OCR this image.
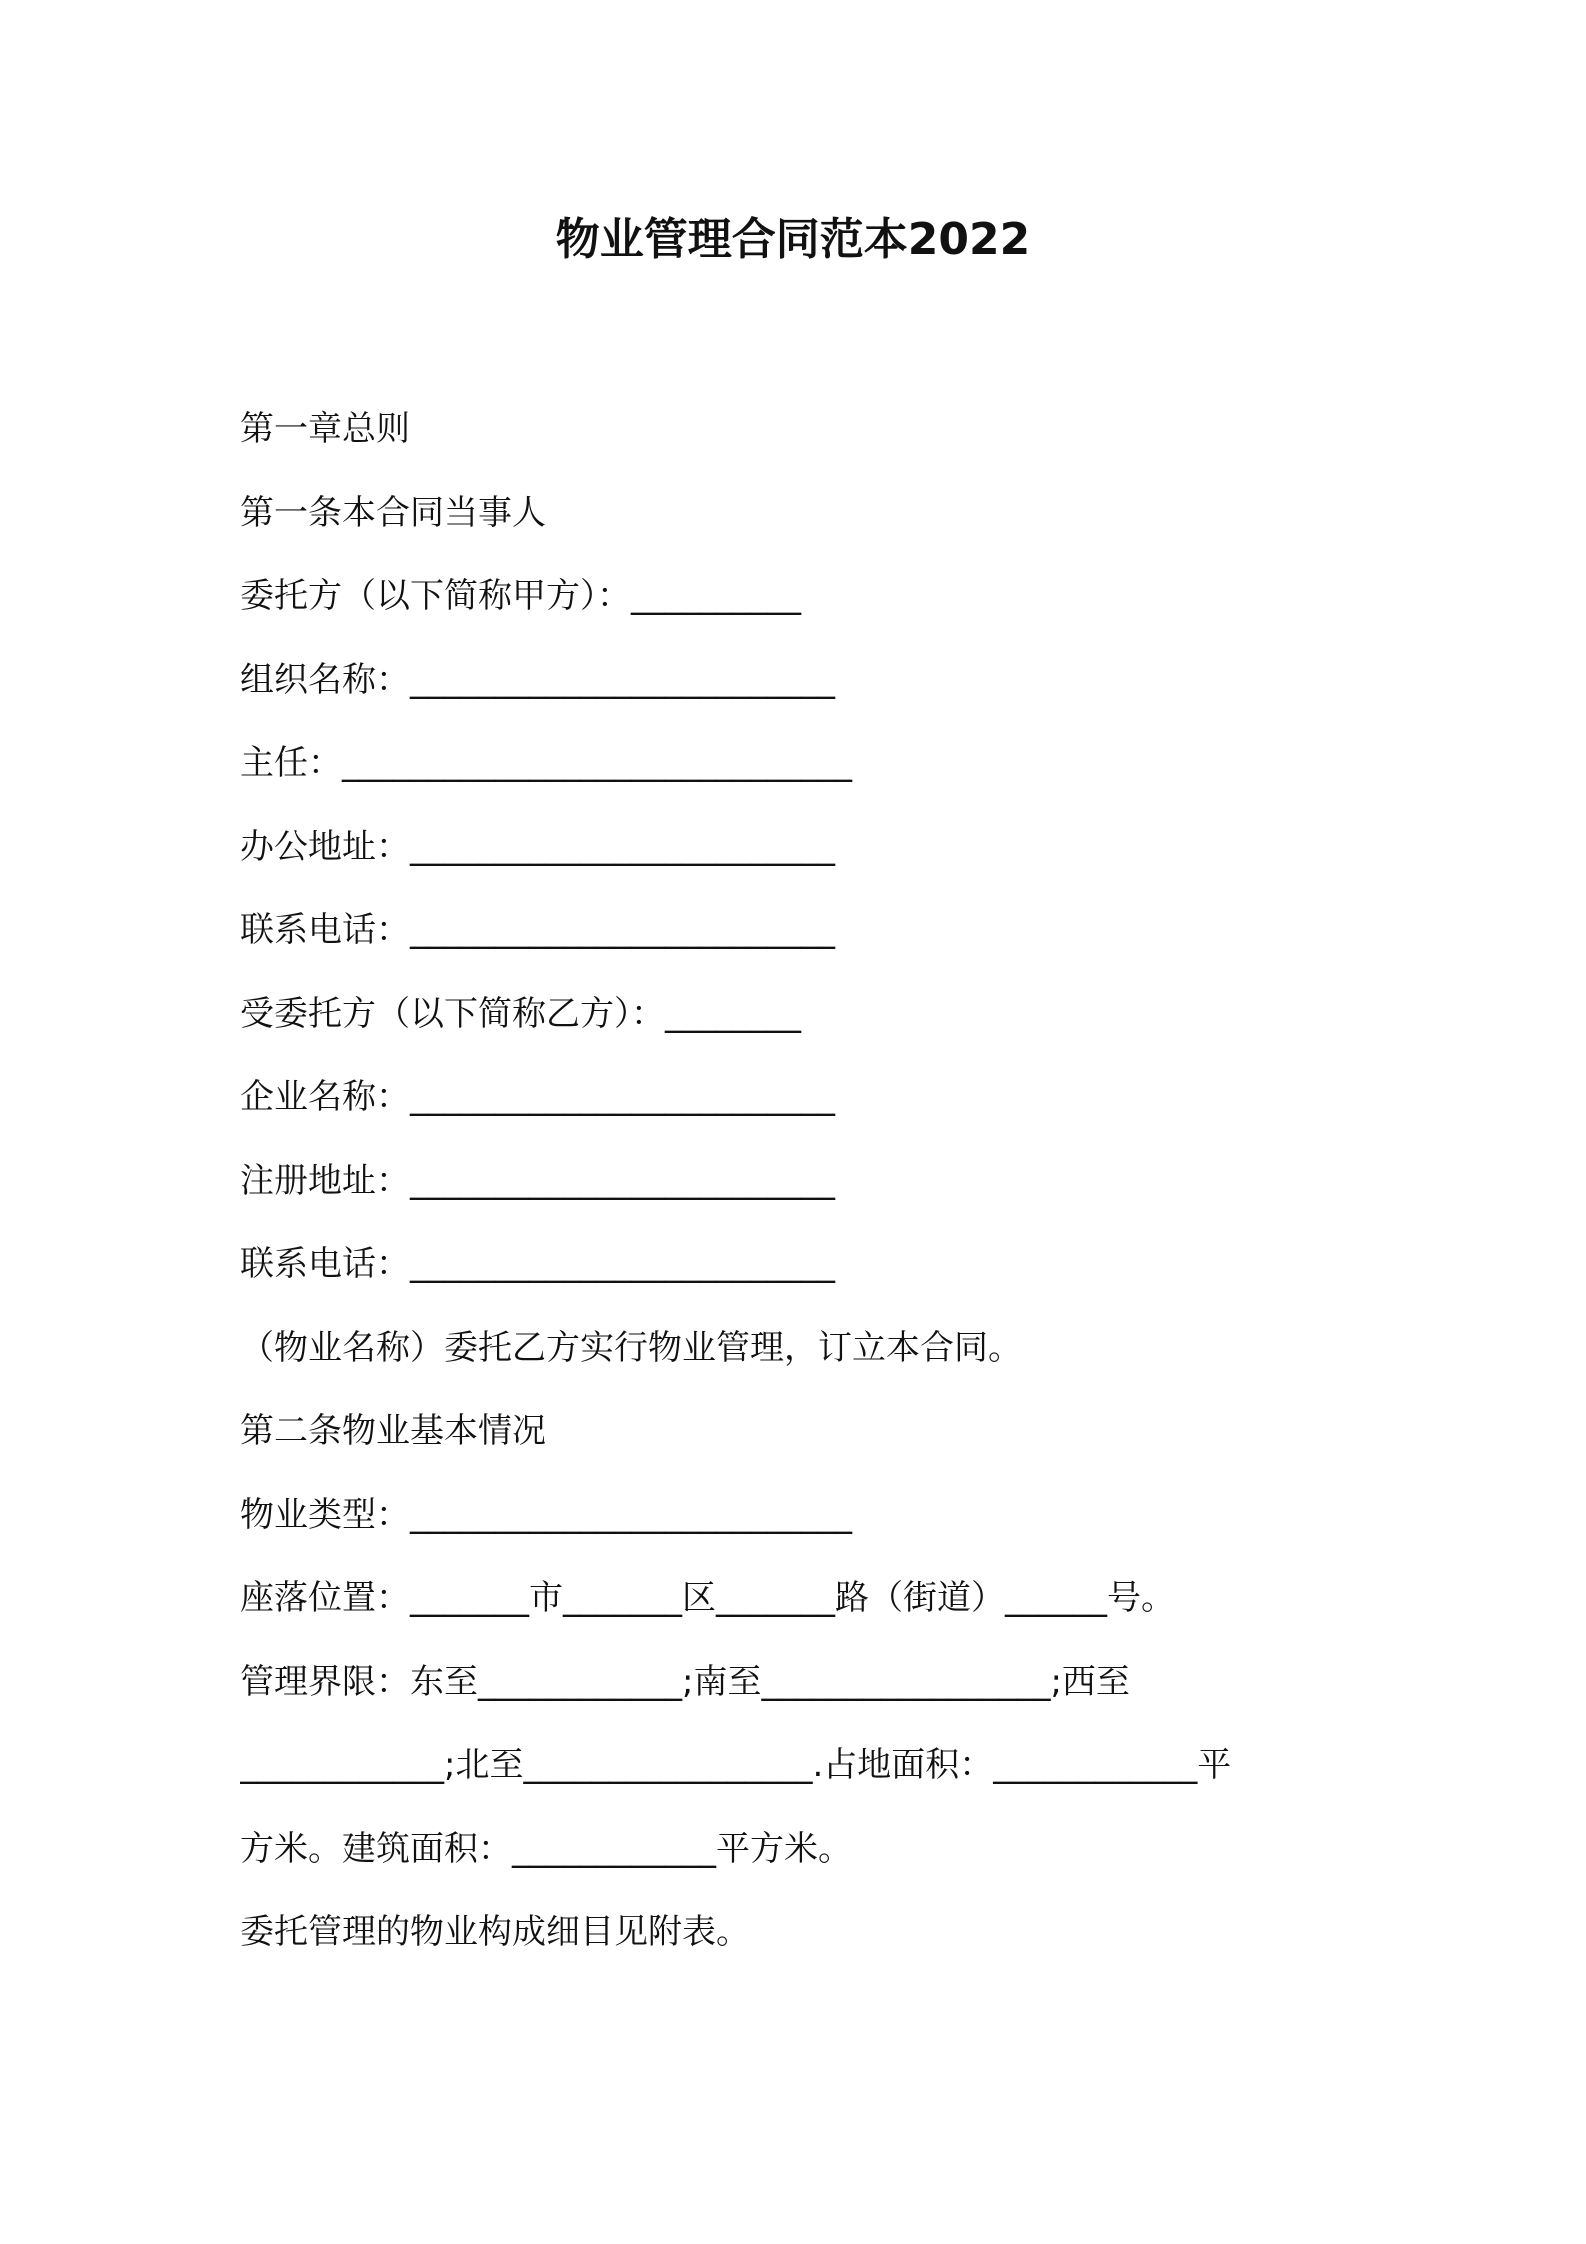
物业管理合同范本2022
第一章总则
第一条本合同当事人
委托方（以下简称甲方）：__________
组织名称：_________________________
主任：______________________________
办公地址：_________________________
联系电话：_________________________
受委托方（以下简称乙方）：________
企业名称：_________________________
注册地址：_________________________
联系电话：_________________________
（物业名称）委托乙方实行物业管理，订立本合同。
第二条物业基本情况
物业类型：__________________________
座落位置：_______市_______区_______路（街道）______号。
管理界限：东至____________;南至_________________;西至
____________;北至_________________.占地面积：____________平
方米。建筑面积：____________平方米。
委托管理的物业构成细目见附表。
